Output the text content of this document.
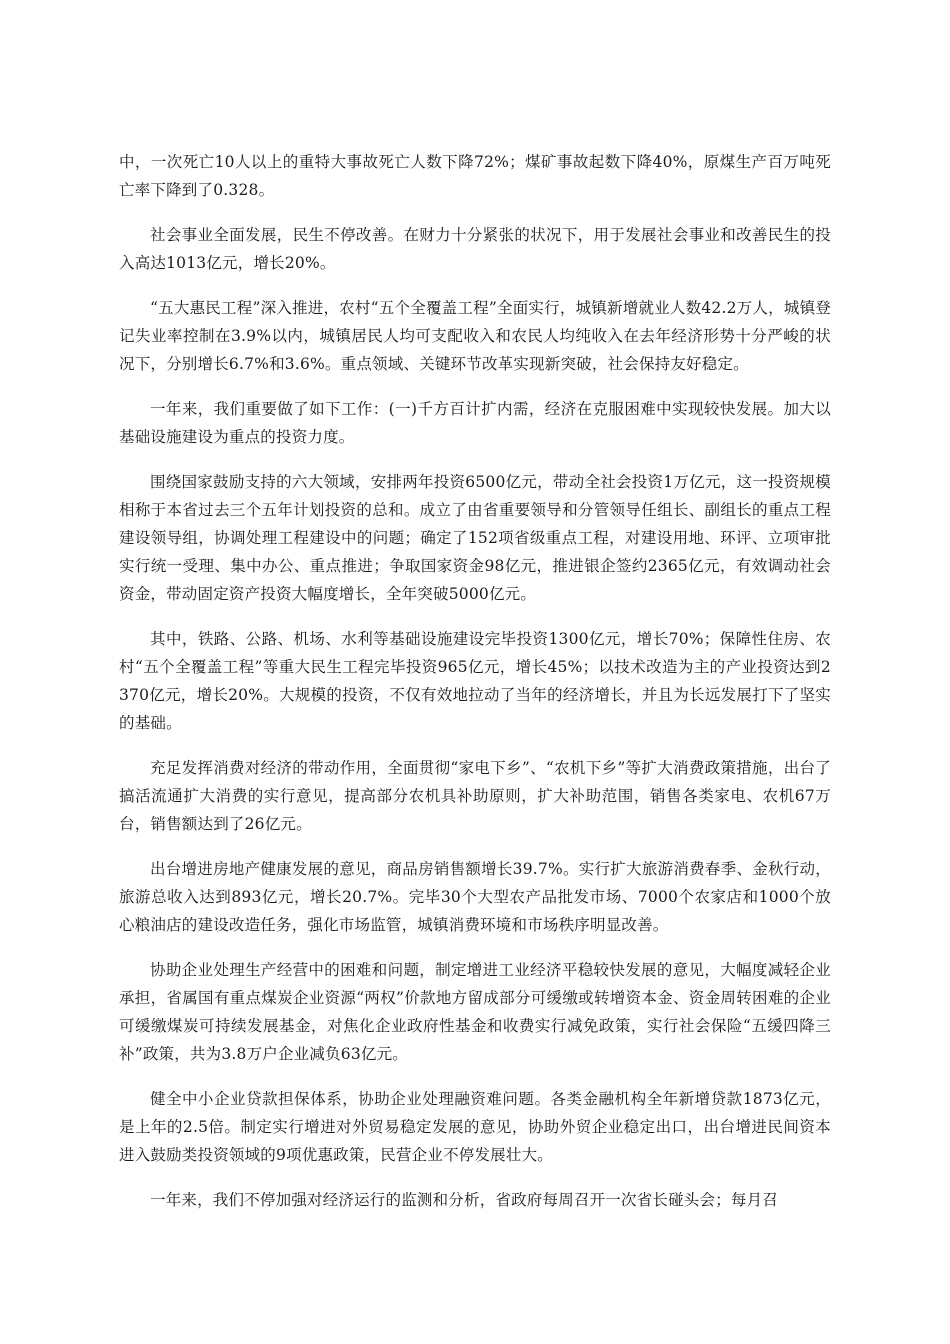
中，一次死亡10人以上的重特大事故死亡人数下降72%；煤矿事故起数下降40%，原煤生产百万吨死亡率下降到了0.328。

社会事业全面发展，民生不停改善。在财力十分紧张的状况下，用于发展社会事业和改善民生的投入高达1013亿元，增长20%。

“五大惠民工程”深入推进，农村“五个全覆盖工程”全面实行，城镇新增就业人数42.2万人，城镇登记失业率控制在3.9%以内，城镇居民人均可支配收入和农民人均纯收入在去年经济形势十分严峻的状况下，分别增长6.7%和3.6%。重点领域、关键环节改革实现新突破，社会保持友好稳定。

一年来，我们重要做了如下工作：(一)千方百计扩内需，经济在克服困难中实现较快发展。加大以基础设施建设为重点的投资力度。

围绕国家鼓励支持的六大领域，安排两年投资6500亿元，带动全社会投资1万亿元，这一投资规模相称于本省过去三个五年计划投资的总和。成立了由省重要领导和分管领导任组长、副组长的重点工程建设领导组，协调处理工程建设中的问题；确定了152项省级重点工程，对建设用地、环评、立项审批实行统一受理、集中办公、重点推进；争取国家资金98亿元，推进银企签约2365亿元，有效调动社会资金，带动固定资产投资大幅度增长，全年突破5000亿元。

其中，铁路、公路、机场、水利等基础设施建设完毕投资1300亿元，增长70%；保障性住房、农村“五个全覆盖工程”等重大民生工程完毕投资965亿元，增长45%；以技术改造为主的产业投资达到2370亿元，增长20%。大规模的投资，不仅有效地拉动了当年的经济增长，并且为长远发展打下了坚实的基础。

充足发挥消费对经济的带动作用，全面贯彻“家电下乡”、“农机下乡”等扩大消费政策措施，出台了搞活流通扩大消费的实行意见，提高部分农机具补助原则，扩大补助范围，销售各类家电、农机67万台，销售额达到了26亿元。

出台增进房地产健康发展的意见，商品房销售额增长39.7%。实行扩大旅游消费春季、金秋行动，旅游总收入达到893亿元，增长20.7%。完毕30个大型农产品批发市场、7000个农家店和1000个放心粮油店的建设改造任务，强化市场监管，城镇消费环境和市场秩序明显改善。

协助企业处理生产经营中的困难和问题，制定增进工业经济平稳较快发展的意见，大幅度减轻企业承担，省属国有重点煤炭企业资源“两权”价款地方留成部分可缓缴或转增资本金、资金周转困难的企业可缓缴煤炭可持续发展基金，对焦化企业政府性基金和收费实行减免政策，实行社会保险“五缓四降三补”政策，共为3.8万户企业减负63亿元。

健全中小企业贷款担保体系，协助企业处理融资难问题。各类金融机构全年新增贷款1873亿元，是上年的2.5倍。制定实行增进对外贸易稳定发展的意见，协助外贸企业稳定出口，出台增进民间资本进入鼓励类投资领域的9项优惠政策，民营企业不停发展壮大。

一年来，我们不停加强对经济运行的监测和分析，省政府每周召开一次省长碰头会；每月召
